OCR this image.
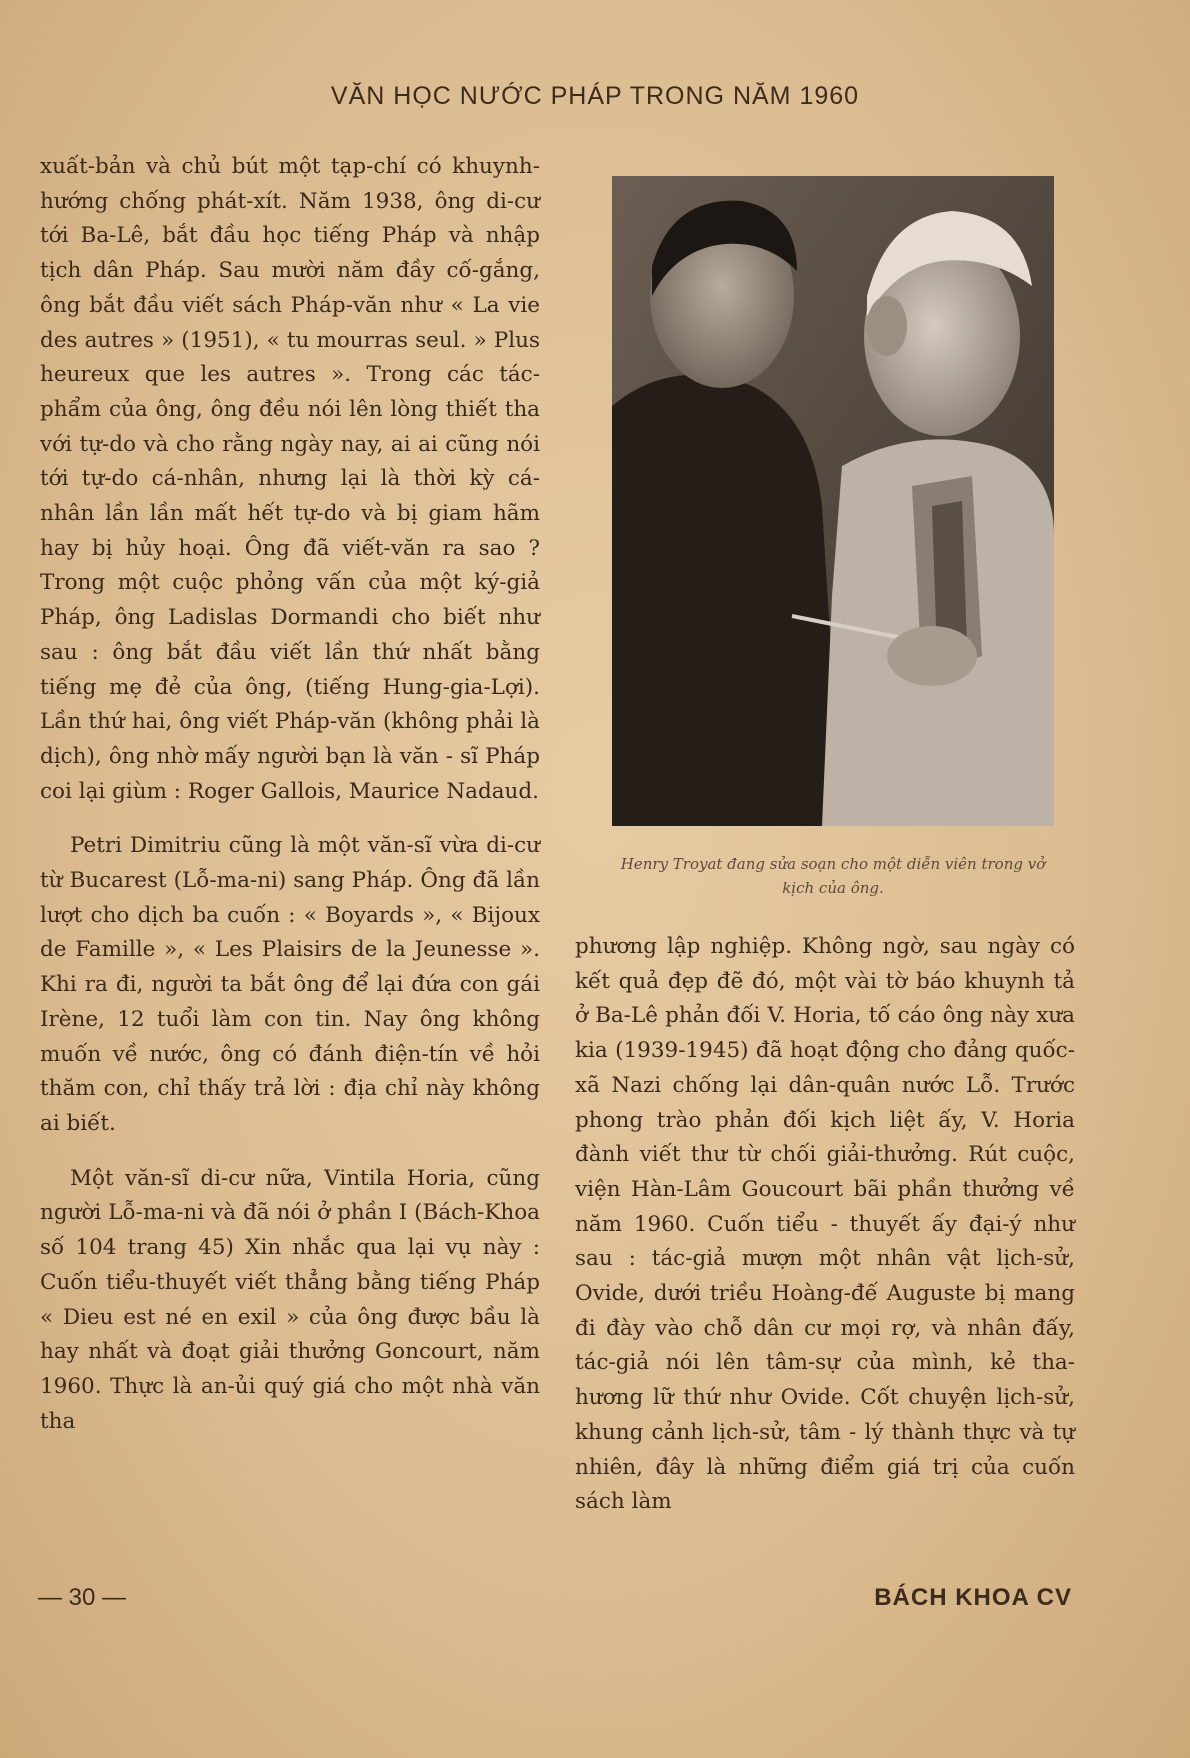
VĂN HỌC NƯỚC PHÁP TRONG NĂM 1960

xuất-bản và chủ bút một tạp-chí có khuynh-hướng chống phát-xít. Năm 1938, ông di-cư tới Ba-Lê, bắt đầu học tiếng Pháp và nhập tịch dân Pháp. Sau mười năm đầy cố-gắng, ông bắt đầu viết sách Pháp-văn như « La vie des autres » (1951), « tu mourras seul. » Plus heureux que les autres ». Trong các tác-phẩm của ông, ông đều nói lên lòng thiết tha với tự-do và cho rằng ngày nay, ai ai cũng nói tới tự-do cá-nhân, nhưng lại là thời kỳ cá-nhân lần lần mất hết tự-do và bị giam hãm hay bị hủy hoại. Ông đã viết-văn ra sao ? Trong một cuộc phỏng vấn của một ký-giả Pháp, ông Ladislas Dormandi cho biết như sau : ông bắt đầu viết lần thứ nhất bằng tiếng mẹ đẻ của ông, (tiếng Hung-gia-Lợi). Lần thứ hai, ông viết Pháp-văn (không phải là dịch), ông nhờ mấy người bạn là văn - sĩ Pháp coi lại giùm : Roger Gallois, Maurice Nadaud.

Petri Dimitriu cũng là một văn-sĩ vừa di-cư từ Bucarest (Lỗ-ma-ni) sang Pháp. Ông đã lần lượt cho dịch ba cuốn : « Boyards », « Bijoux de Famille », « Les Plaisirs de la Jeunesse ». Khi ra đi, người ta bắt ông để lại đứa con gái Irène, 12 tuổi làm con tin. Nay ông không muốn về nước, ông có đánh điện-tín về hỏi thăm con, chỉ thấy trả lời : địa chỉ này không ai biết.

Một văn-sĩ di-cư nữa, Vintila Horia, cũng người Lỗ-ma-ni và đã nói ở phần I (Bách-Khoa số 104 trang 45) Xin nhắc qua lại vụ này : Cuốn tiểu-thuyết viết thẳng bằng tiếng Pháp « Dieu est né en exil » của ông được bầu là hay nhất và đoạt giải thưởng Goncourt, năm 1960. Thực là an-ủi quý giá cho một nhà văn tha

Henry Troyat đang sửa soạn cho một diễn viên trong vở kịch của ông.

phương lập nghiệp. Không ngờ, sau ngày có kết quả đẹp đẽ đó, một vài tờ báo khuynh tả ở Ba-Lê phản đối V. Horia, tố cáo ông này xưa kia (1939-1945) đã hoạt động cho đảng quốc-xã Nazi chống lại dân-quân nước Lỗ. Trước phong trào phản đối kịch liệt ấy, V. Horia đành viết thư từ chối giải-thưởng. Rút cuộc, viện Hàn-Lâm Goucourt bãi phần thưởng về năm 1960. Cuốn tiểu - thuyết ấy đại-ý như sau : tác-giả mượn một nhân vật lịch-sử, Ovide, dưới triều Hoàng-đế Auguste bị mang đi đày vào chỗ dân cư mọi rợ, và nhân đấy, tác-giả nói lên tâm-sự của mình, kẻ tha-hương lữ thứ như Ovide. Cốt chuyện lịch-sử, khung cảnh lịch-sử, tâm - lý thành thực và tự nhiên, đây là những điểm giá trị của cuốn sách làm

— 30 —	BÁCH KHOA CV
